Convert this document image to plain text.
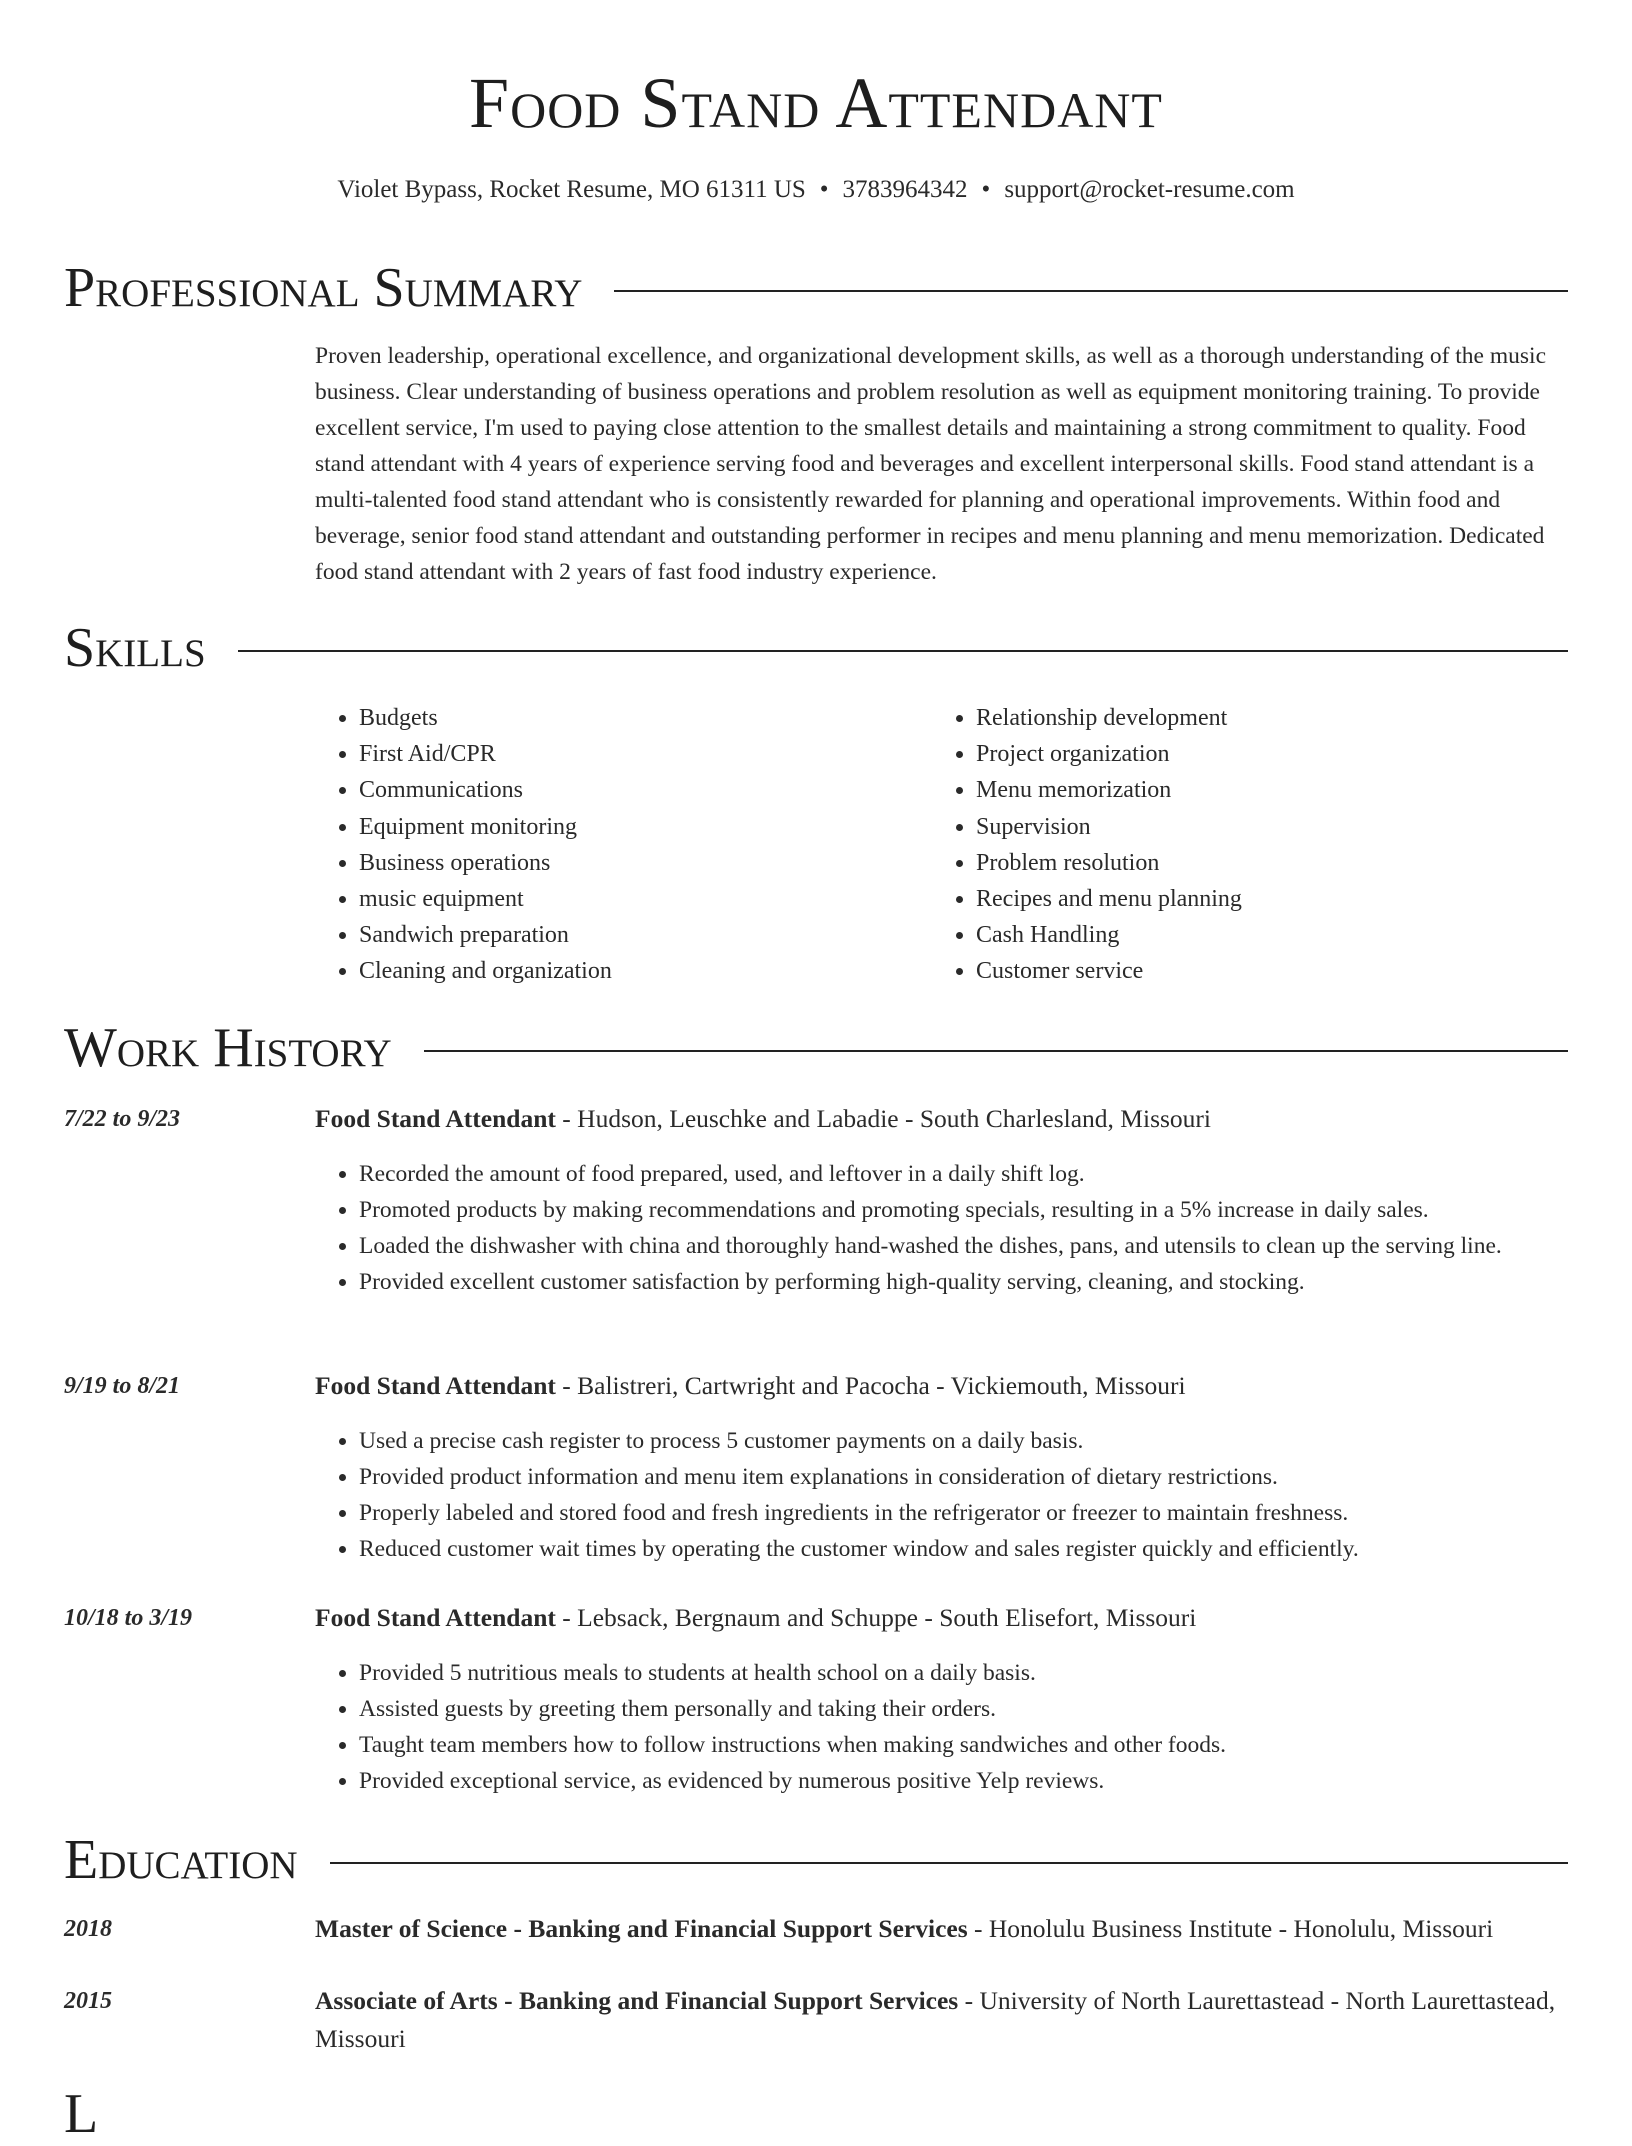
Food Stand Attendant
Violet Bypass, Rocket Resume, MO 61311 US • 3783964342 • support@rocket-resume.com
Professional Summary
Proven leadership, operational excellence, and organizational development skills, as well as a thorough understanding of the music business. Clear understanding of business operations and problem resolution as well as equipment monitoring training. To provide excellent service, I'm used to paying close attention to the smallest details and maintaining a strong commitment to quality. Food stand attendant with 4 years of experience serving food and beverages and excellent interpersonal skills. Food stand attendant is a multi-talented food stand attendant who is consistently rewarded for planning and operational improvements. Within food and beverage, senior food stand attendant and outstanding performer in recipes and menu planning and menu memorization. Dedicated food stand attendant with 2 years of fast food industry experience.
Skills
• Budgets
• First Aid/CPR
• Communications
• Equipment monitoring
• Business operations
• music equipment
• Sandwich preparation
• Cleaning and organization
• Relationship development
• Project organization
• Menu memorization
• Supervision
• Problem resolution
• Recipes and menu planning
• Cash Handling
• Customer service
Work History
7/22 to 9/23	Food Stand Attendant - Hudson, Leuschke and Labadie - South Charlesland, Missouri
• Recorded the amount of food prepared, used, and leftover in a daily shift log.
• Promoted products by making recommendations and promoting specials, resulting in a 5% increase in daily sales.
• Loaded the dishwasher with china and thoroughly hand-washed the dishes, pans, and utensils to clean up the serving line.
• Provided excellent customer satisfaction by performing high-quality serving, cleaning, and stocking.
9/19 to 8/21	Food Stand Attendant - Balistreri, Cartwright and Pacocha - Vickiemouth, Missouri
• Used a precise cash register to process 5 customer payments on a daily basis.
• Provided product information and menu item explanations in consideration of dietary restrictions.
• Properly labeled and stored food and fresh ingredients in the refrigerator or freezer to maintain freshness.
• Reduced customer wait times by operating the customer window and sales register quickly and efficiently.
10/18 to 3/19	Food Stand Attendant - Lebsack, Bergnaum and Schuppe - South Elisefort, Missouri
• Provided 5 nutritious meals to students at health school on a daily basis.
• Assisted guests by greeting them personally and taking their orders.
• Taught team members how to follow instructions when making sandwiches and other foods.
• Provided exceptional service, as evidenced by numerous positive Yelp reviews.
Education
2018	Master of Science - Banking and Financial Support Services - Honolulu Business Institute - Honolulu, Missouri
2015	Associate of Arts - Banking and Financial Support Services - University of North Laurettastead - North Laurettastead, Missouri
L
